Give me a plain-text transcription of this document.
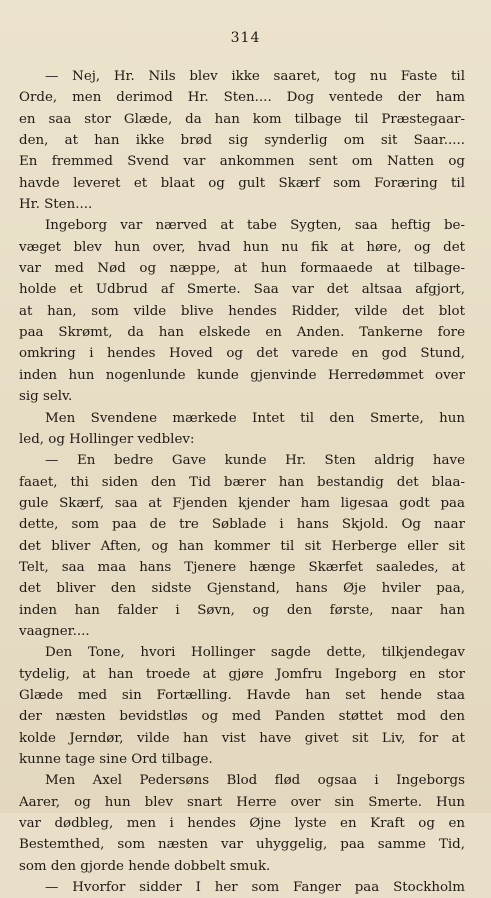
314
— Nej, Hr. Nils blev ikke saaret, tog nu Faste til
Orde, men derimod Hr. Sten.... Dog ventede der ham
en saa stor Glæde, da han kom tilbage til Præstegaar-
den, at han ikke brød sig synderlig om sit Saar.....
En fremmed Svend var ankommen sent om Natten og
havde leveret et blaat og gult Skærf som Foræring til
Hr. Sten....
Ingeborg var nærved at tabe Sygten, saa heftig be-
væget blev hun over, hvad hun nu fik at høre, og det
var med Nød og næppe, at hun formaaede at tilbage-
holde et Udbrud af Smerte. Saa var det altsaa afgjort,
at han, som vilde blive hendes Ridder, vilde det blot
paa Skrømt, da han elskede en Anden. Tankerne fore
omkring i hendes Hoved og det varede en god Stund,
inden hun nogenlunde kunde gjenvinde Herredømmet over
sig selv.
Men Svendene mærkede Intet til den Smerte, hun
led, og Hollinger vedblev:
— En bedre Gave kunde Hr. Sten aldrig have
faaet, thi siden den Tid bærer han bestandig det blaa-
gule Skærf, saa at Fjenden kjender ham ligesaa godt paa
dette, som paa de tre Søblade i hans Skjold. Og naar
det bliver Aften, og han kommer til sit Herberge eller sit
Telt, saa maa hans Tjenere hænge Skærfet saaledes, at
det bliver den sidste Gjenstand, hans Øje hviler paa,
inden han falder i Søvn, og den første, naar han
vaagner....
Den Tone, hvori Hollinger sagde dette, tilkjendegav
tydelig, at han troede at gjøre Jomfru Ingeborg en stor
Glæde med sin Fortælling. Havde han set hende staa
der næsten bevidstløs og med Panden støttet mod den
kolde Jerndør, vilde han vist have givet sit Liv, for at
kunne tage sine Ord tilbage.
Men Axel Pedersøns Blod flød ogsaa i Ingeborgs
Aarer, og hun blev snart Herre over sin Smerte. Hun
var dødbleg, men i hendes Øjne lyste en Kraft og en
Bestemthed, som næsten var uhyggelig, paa samme Tid,
som den gjorde hende dobbelt smuk.
— Hvorfor sidder I her som Fanger paa Stockholm
